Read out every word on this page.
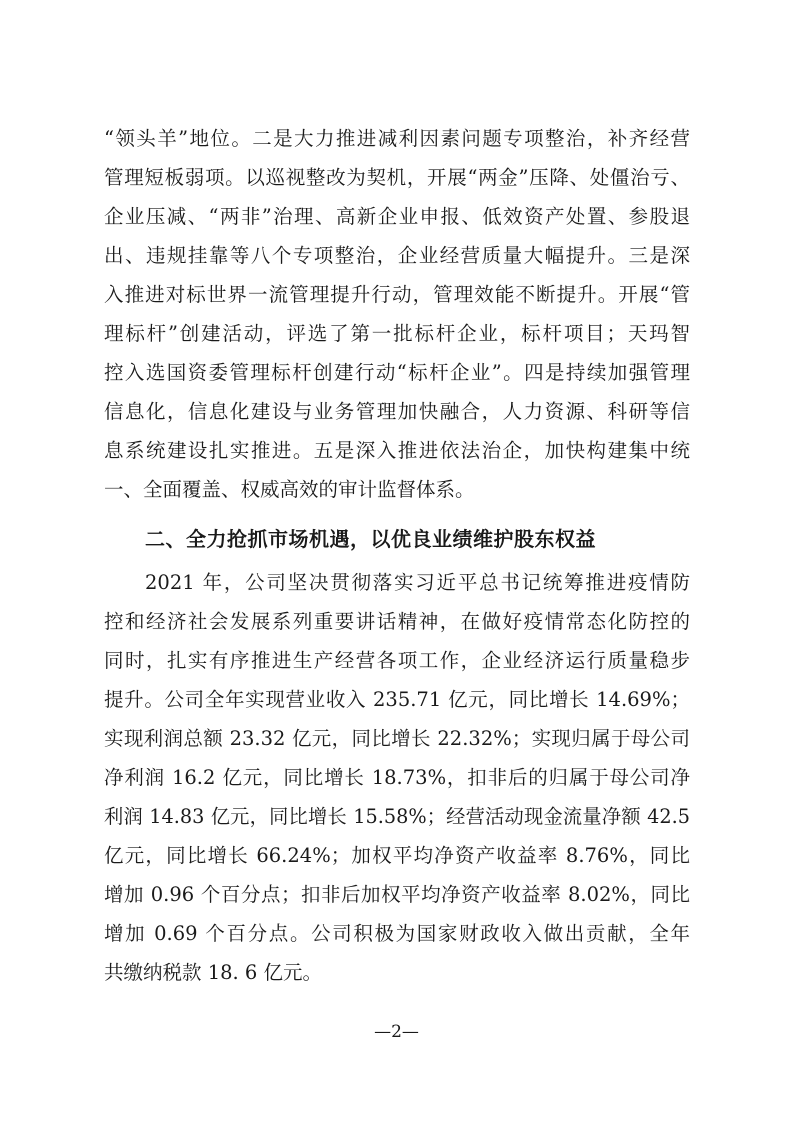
“领头羊”地位。二是大力推进减利因素问题专项整治，补齐经营
管理短板弱项。以巡视整改为契机，开展“两金”压降、处僵治亏、
企业压减、“两非”治理、高新企业申报、低效资产处置、参股退
出、违规挂靠等八个专项整治，企业经营质量大幅提升。三是深
入推进对标世界一流管理提升行动，管理效能不断提升。开展“管
理标杆”创建活动，评选了第一批标杆企业，标杆项目；天玛智
控入选国资委管理标杆创建行动“标杆企业”。四是持续加强管理
信息化，信息化建设与业务管理加快融合，人力资源、科研等信
息系统建设扎实推进。五是深入推进依法治企，加快构建集中统
一、全面覆盖、权威高效的审计监督体系。
二、全力抢抓市场机遇，以优良业绩维护股东权益
2021 年，公司坚决贯彻落实习近平总书记统筹推进疫情防
控和经济社会发展系列重要讲话精神，在做好疫情常态化防控的
同时，扎实有序推进生产经营各项工作，企业经济运行质量稳步
提升。公司全年实现营业收入 235.71 亿元，同比增长 14.69%；
实现利润总额 23.32 亿元，同比增长 22.32%；实现归属于母公司
净利润 16.2 亿元，同比增长 18.73%，扣非后的归属于母公司净
利润 14.83 亿元，同比增长 15.58%；经营活动现金流量净额 42.5
亿元，同比增长 66.24%；加权平均净资产收益率 8.76%，同比
增加 0.96 个百分点；扣非后加权平均净资产收益率 8.02%，同比
增加 0.69 个百分点。公司积极为国家财政收入做出贡献，全年
共缴纳税款 18. 6 亿元。
—2—
